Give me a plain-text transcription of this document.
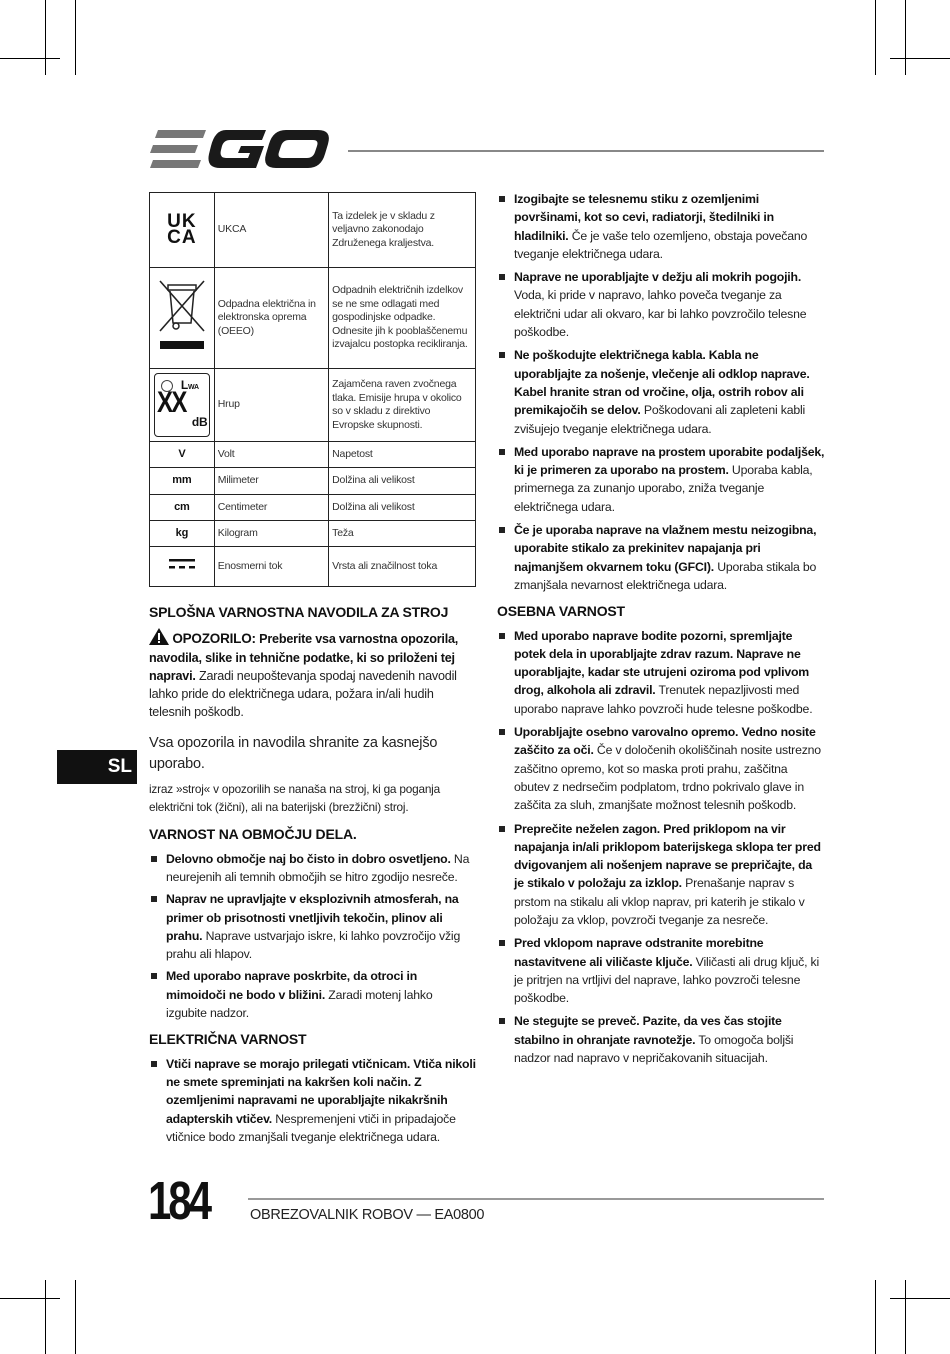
UK
CA	UKCA	Ta izdelek je v skladu z veljavno zakonodajo Združenega kraljestva.
	Odpadna električna in elektronska oprema (OEEO)	Odpadnih električnih izdelkov se ne sme odlagati med gospodinjske odpadke. Odnesite jih k pooblaščenemu izvajalcu postopka recikliranja.

LWA
XX
dB	Hrup	Zajamčena raven zvočnega tlaka. Emisije hrupa v okolico so v skladu z direktivo Evropske skupnosti.
V	Volt	Napetost
mm	Milimeter	Dolžina ali velikost
cm	Centimeter	Dolžina ali velikost
kg	Kilogram	Teža
	Enosmerni tok	Vrsta ali značilnost toka
SPLOŠNA VARNOSTNA NAVODILA ZA STROJ

OPOZORILO: Preberite vsa varnostna opozorila, navodila, slike in tehnične podatke, ki so priloženi tej napravi. Zaradi neupoštevanja spodaj navedenih navodil lahko pride do električnega udara, požara in/ali hudih telesnih poškodb.

Vsa opozorila in navodila shranite za kasnejšo uporabo.

izraz »stroj« v opozorilih se nanaša na stroj, ki ga poganja električni tok (žični), ali na baterijski (brezžični) stroj.

VARNOST NA OBMOČJU DELA.
Delovno območje naj bo čisto in dobro osvetljeno. Na neurejenih ali temnih območjih se hitro zgodijo nesreče.
Naprav ne upravljajte v eksplozivnih atmosferah, na primer ob prisotnosti vnetljivih tekočin, plinov ali prahu. Naprave ustvarjajo iskre, ki lahko povzročijo vžig prahu ali hlapov.
Med uporabo naprave poskrbite, da otroci in mimoidoči ne bodo v bližini. Zaradi motenj lahko izgubite nadzor.
ELEKTRIČNA VARNOST
Vtiči naprave se morajo prilegati vtičnicam. Vtiča nikoli ne smete spreminjati na kakršen koli način. Z ozemljenimi napravami ne uporabljajte nikakršnih adapterskih vtičev. Nespremenjeni vtiči in pripadajoče vtičnice bodo zmanjšali tveganje električnega udara.
Izogibajte se telesnemu stiku z ozemljenimi površinami, kot so cevi, radiatorji, štedilniki in hladilniki. Če je vaše telo ozemljeno, obstaja povečano tveganje električnega udara.
Naprave ne uporabljajte v dežju ali mokrih pogojih. Voda, ki pride v napravo, lahko poveča tveganje za električni udar ali okvaro, kar bi lahko povzročilo telesne poškodbe.
Ne poškodujte električnega kabla. Kabla ne uporabljajte za nošenje, vlečenje ali odklop naprave. Kabel hranite stran od vročine, olja, ostrih robov ali premikajočih se delov. Poškodovani ali zapleteni kabli zvišujejo tveganje električnega udara.
Med uporabo naprave na prostem uporabite podaljšek, ki je primeren za uporabo na prostem. Uporaba kabla, primernega za zunanjo uporabo, zniža tveganje električnega udara.
Če je uporaba naprave na vlažnem mestu neizogibna, uporabite stikalo za prekinitev napajanja pri najmanjšem okvarnem toku (GFCI). Uporaba stikala bo zmanjšala nevarnost električnega udara.
OSEBNA VARNOST
Med uporabo naprave bodite pozorni, spremljajte potek dela in uporabljajte zdrav razum. Naprave ne uporabljajte, kadar ste utrujeni oziroma pod vplivom drog, alkohola ali zdravil. Trenutek nepazljivosti med uporabo naprave lahko povzroči hude telesne poškodbe.
Uporabljajte osebno varovalno opremo. Vedno nosite zaščito za oči. Če v določenih okoliščinah nosite ustrezno zaščitno opremo, kot so maska proti prahu, zaščitna obutev z nedrsečim podplatom, trdno pokrivalo glave in zaščita za sluh, zmanjšate možnost telesnih poškodb.
Preprečite neželen zagon. Pred priklopom na vir napajanja in/ali priklopom baterijskega sklopa ter pred dvigovanjem ali nošenjem naprave se prepričajte, da je stikalo v položaju za izklop. Prenašanje naprav s prstom na stikalu ali vklop naprav, pri katerih je stikalo v položaju za vklop, povzroči tveganje za nesreče.
Pred vklopom naprave odstranite morebitne nastavitvene ali viličaste ključe. Viličasti ali drug ključ, ki je pritrjen na vrtljivi del naprave, lahko povzroči telesne poškodbe.
Ne stegujte se preveč. Pazite, da ves čas stojite stabilno in ohranjate ravnotežje. To omogoča boljši nadzor nad napravo v nepričakovanih situacijah.
SL
184	OBREZOVALNIK ROBOV — EA0800
